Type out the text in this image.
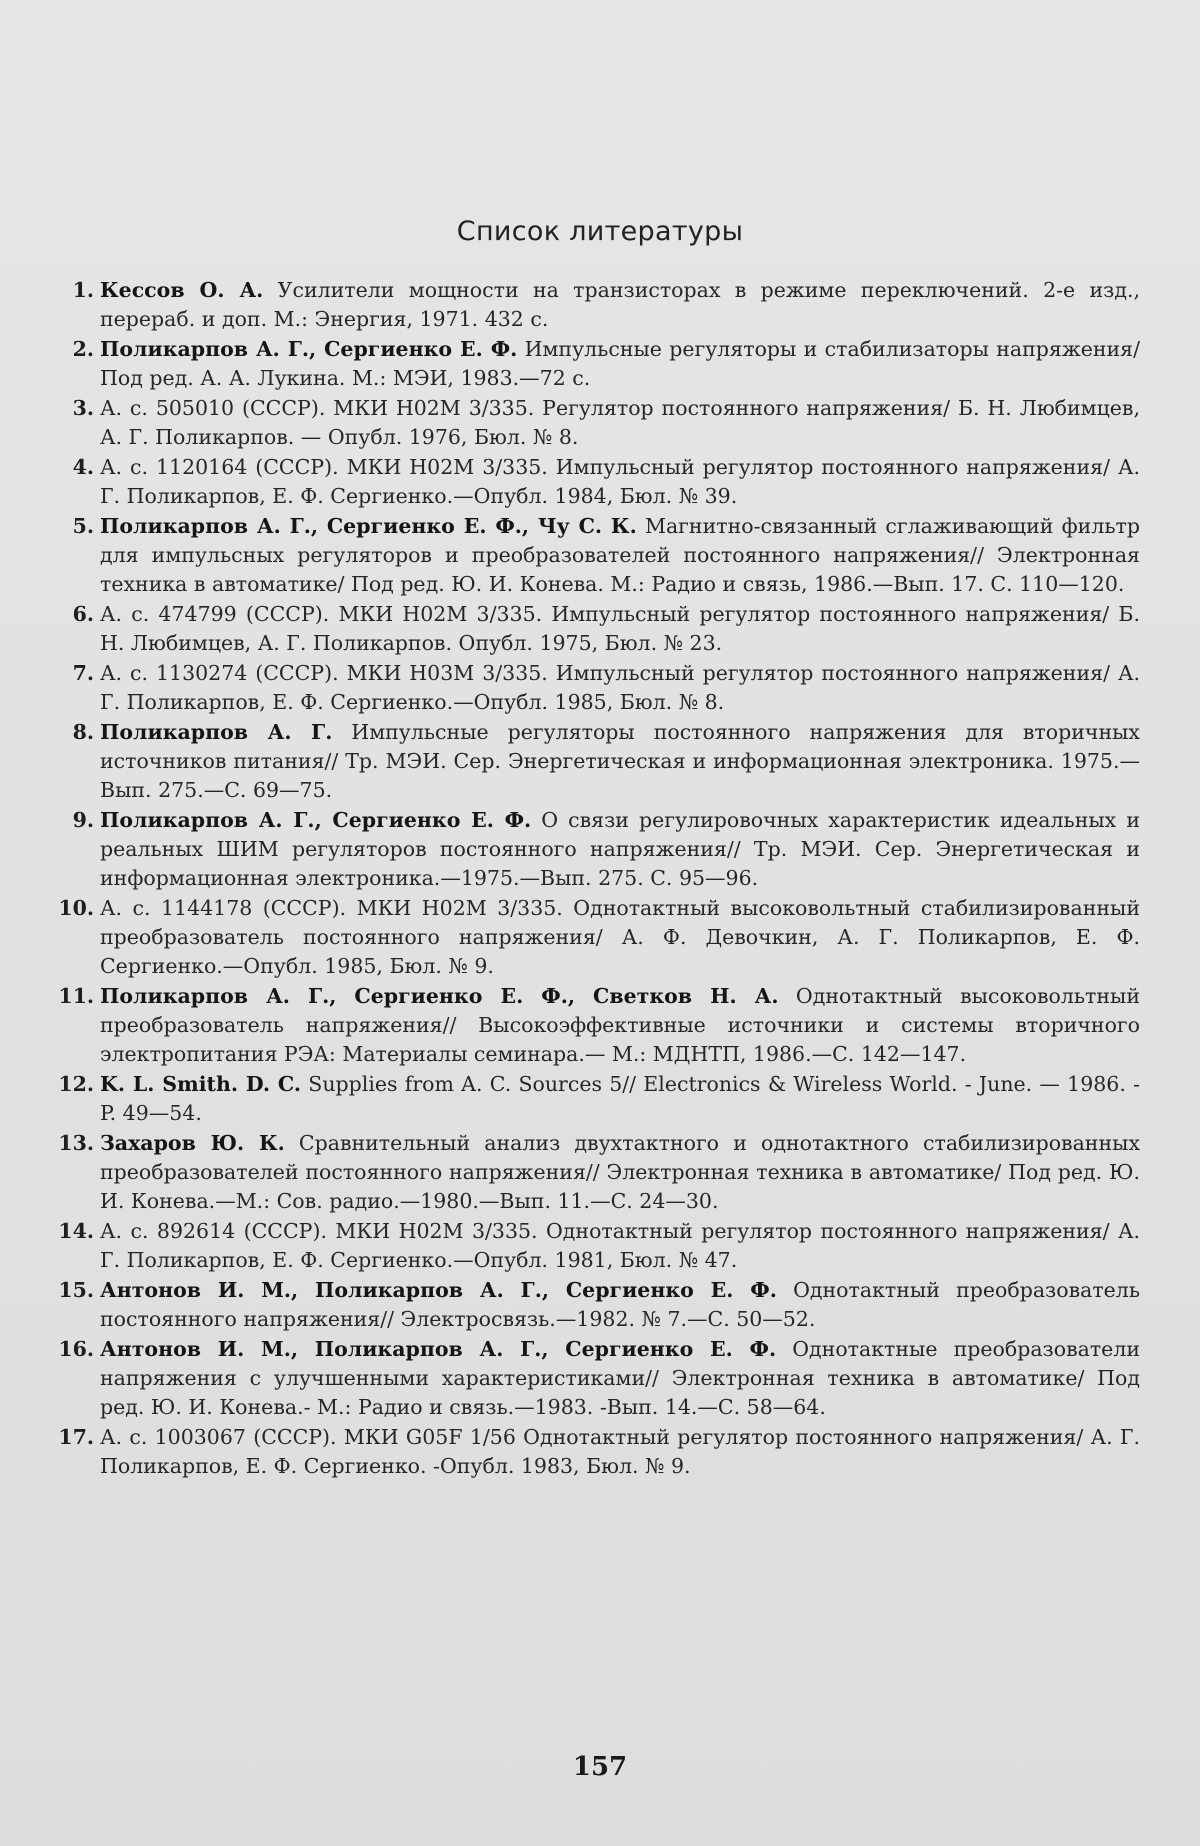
Список литературы
1. Кессов О. А. Усилители мощности на транзисторах в режиме переключений. 2-е изд., перераб. и доп. М.: Энергия, 1971. 432 с.
2. Поликарпов А. Г., Сергиенко Е. Ф. Импульсные регуляторы и стабилизаторы напряжения/ Под ред. А. А. Лукина. М.: МЭИ, 1983.—72 с.
3. А. с. 505010 (СССР). МКИ Н02М 3/335. Регулятор постоянного напряжения/ Б. Н. Любимцев, А. Г. Поликарпов. — Опубл. 1976, Бюл. № 8.
4. А. с. 1120164 (СССР). МКИ Н02М 3/335. Импульсный регулятор постоянного напряжения/ А. Г. Поликарпов, Е. Ф. Сергиенко.—Опубл. 1984, Бюл. № 39.
5. Поликарпов А. Г., Сергиенко Е. Ф., Чу С. К. Магнитно-связанный сглаживающий фильтр для импульсных регуляторов и преобразователей постоянного напряжения// Электронная техника в автоматике/ Под ред. Ю. И. Конева. М.: Радио и связь, 1986.—Вып. 17. С. 110—120.
6. А. с. 474799 (СССР). МКИ Н02М 3/335. Импульсный регулятор постоянного напряжения/ Б. Н. Любимцев, А. Г. Поликарпов. Опубл. 1975, Бюл. № 23.
7. А. с. 1130274 (СССР). МКИ Н03М 3/335. Импульсный регулятор постоянного напряжения/ А. Г. Поликарпов, Е. Ф. Сергиенко.—Опубл. 1985, Бюл. № 8.
8. Поликарпов А. Г. Импульсные регуляторы постоянного напряжения для вторичных источников питания// Тр. МЭИ. Сер. Энергетическая и информационная электроника. 1975.—Вып. 275.—С. 69—75.
9. Поликарпов А. Г., Сергиенко Е. Ф. О связи регулировочных характеристик идеальных и реальных ШИМ регуляторов постоянного напряжения// Тр. МЭИ. Сер. Энергетическая и информационная электроника.—1975.—Вып. 275. С. 95—96.
10. А. с. 1144178 (СССР). МКИ Н02М 3/335. Однотактный высоковольтный стабилизированный преобразователь постоянного напряжения/ А. Ф. Девочкин, А. Г. Поликарпов, Е. Ф. Сергиенко.—Опубл. 1985, Бюл. № 9.
11. Поликарпов А. Г., Сергиенко Е. Ф., Светков Н. А. Однотактный высоковольтный преобразователь напряжения// Высокоэффективные источники и системы вторичного электропитания РЭА: Материалы семинара.— М.: МДНТП, 1986.—С. 142—147.
12. K. L. Smith. D. C. Supplies from A. C. Sources 5// Electronics & Wireless World. - June. — 1986. - P. 49—54.
13. Захаров Ю. К. Сравнительный анализ двухтактного и однотактного стабилизированных преобразователей постоянного напряжения// Электронная техника в автоматике/ Под ред. Ю. И. Конева.—М.: Сов. радио.—1980.—Вып. 11.—С. 24—30.
14. А. с. 892614 (СССР). МКИ Н02М 3/335. Однотактный регулятор постоянного напряжения/ А. Г. Поликарпов, Е. Ф. Сергиенко.—Опубл. 1981, Бюл. № 47.
15. Антонов И. М., Поликарпов А. Г., Сергиенко Е. Ф. Однотактный преобразователь постоянного напряжения// Электросвязь.—1982. № 7.—С. 50—52.
16. Антонов И. М., Поликарпов А. Г., Сергиенко Е. Ф. Однотактные преобразователи напряжения с улучшенными характеристиками// Электронная техника в автоматике/ Под ред. Ю. И. Конева.- М.: Радио и связь.—1983. -Вып. 14.—С. 58—64.
17. А. с. 1003067 (СССР). МКИ G05F 1/56 Однотактный регулятор постоянного напряжения/ А. Г. Поликарпов, Е. Ф. Сергиенко. -Опубл. 1983, Бюл. № 9.
157
